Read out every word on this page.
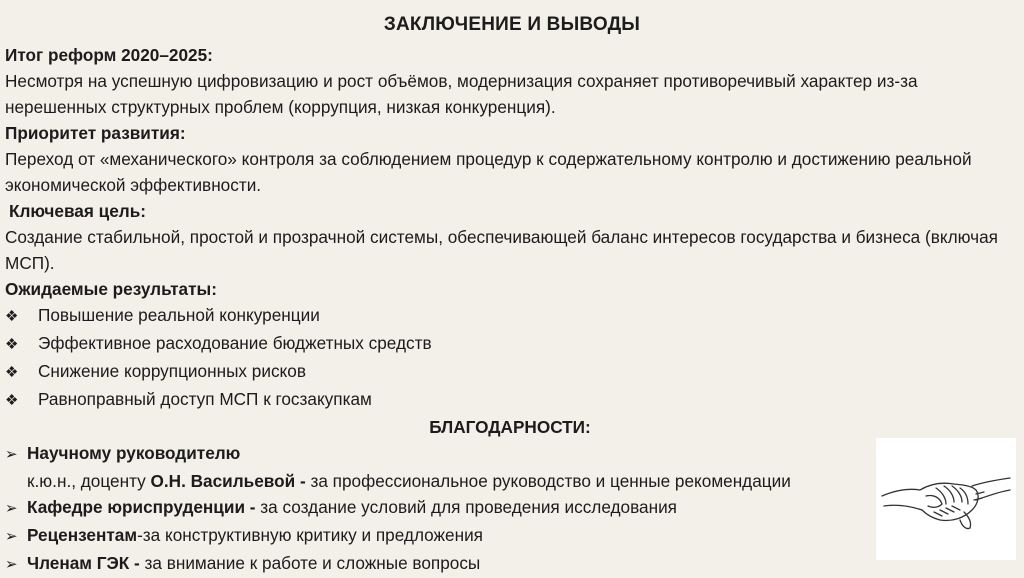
ЗАКЛЮЧЕНИЕ И ВЫВОДЫ
Итог реформ 2020–2025:
Несмотря на успешную цифровизацию и рост объёмов, модернизация сохраняет противоречивый характер из-за нерешенных структурных проблем (коррупция, низкая конкуренция).
Приоритет развития:
Переход от «механического» контроля за соблюдением процедур к содержательному контролю и достижению реальной экономической эффективности.
Ключевая цель:
Создание стабильной, простой и прозрачной системы, обеспечивающей баланс интересов государства и бизнеса (включая МСП).
Ожидаемые результаты:
❖	Повышение реальной конкуренции
❖	Эффективное расходование бюджетных средств
❖	Снижение коррупционных рисков
❖	Равноправный доступ МСП к госзакупкам
БЛАГОДАРНОСТИ:
➢ Научному руководителю
к.ю.н., доценту О.Н. Васильевой - за профессиональное руководство и ценные рекомендации
➢ Кафедре юриспруденции - за создание условий для проведения исследования
➢ Рецензентам-за конструктивную критику и предложения
➢ Членам ГЭК - за внимание к работе и сложные вопросы
